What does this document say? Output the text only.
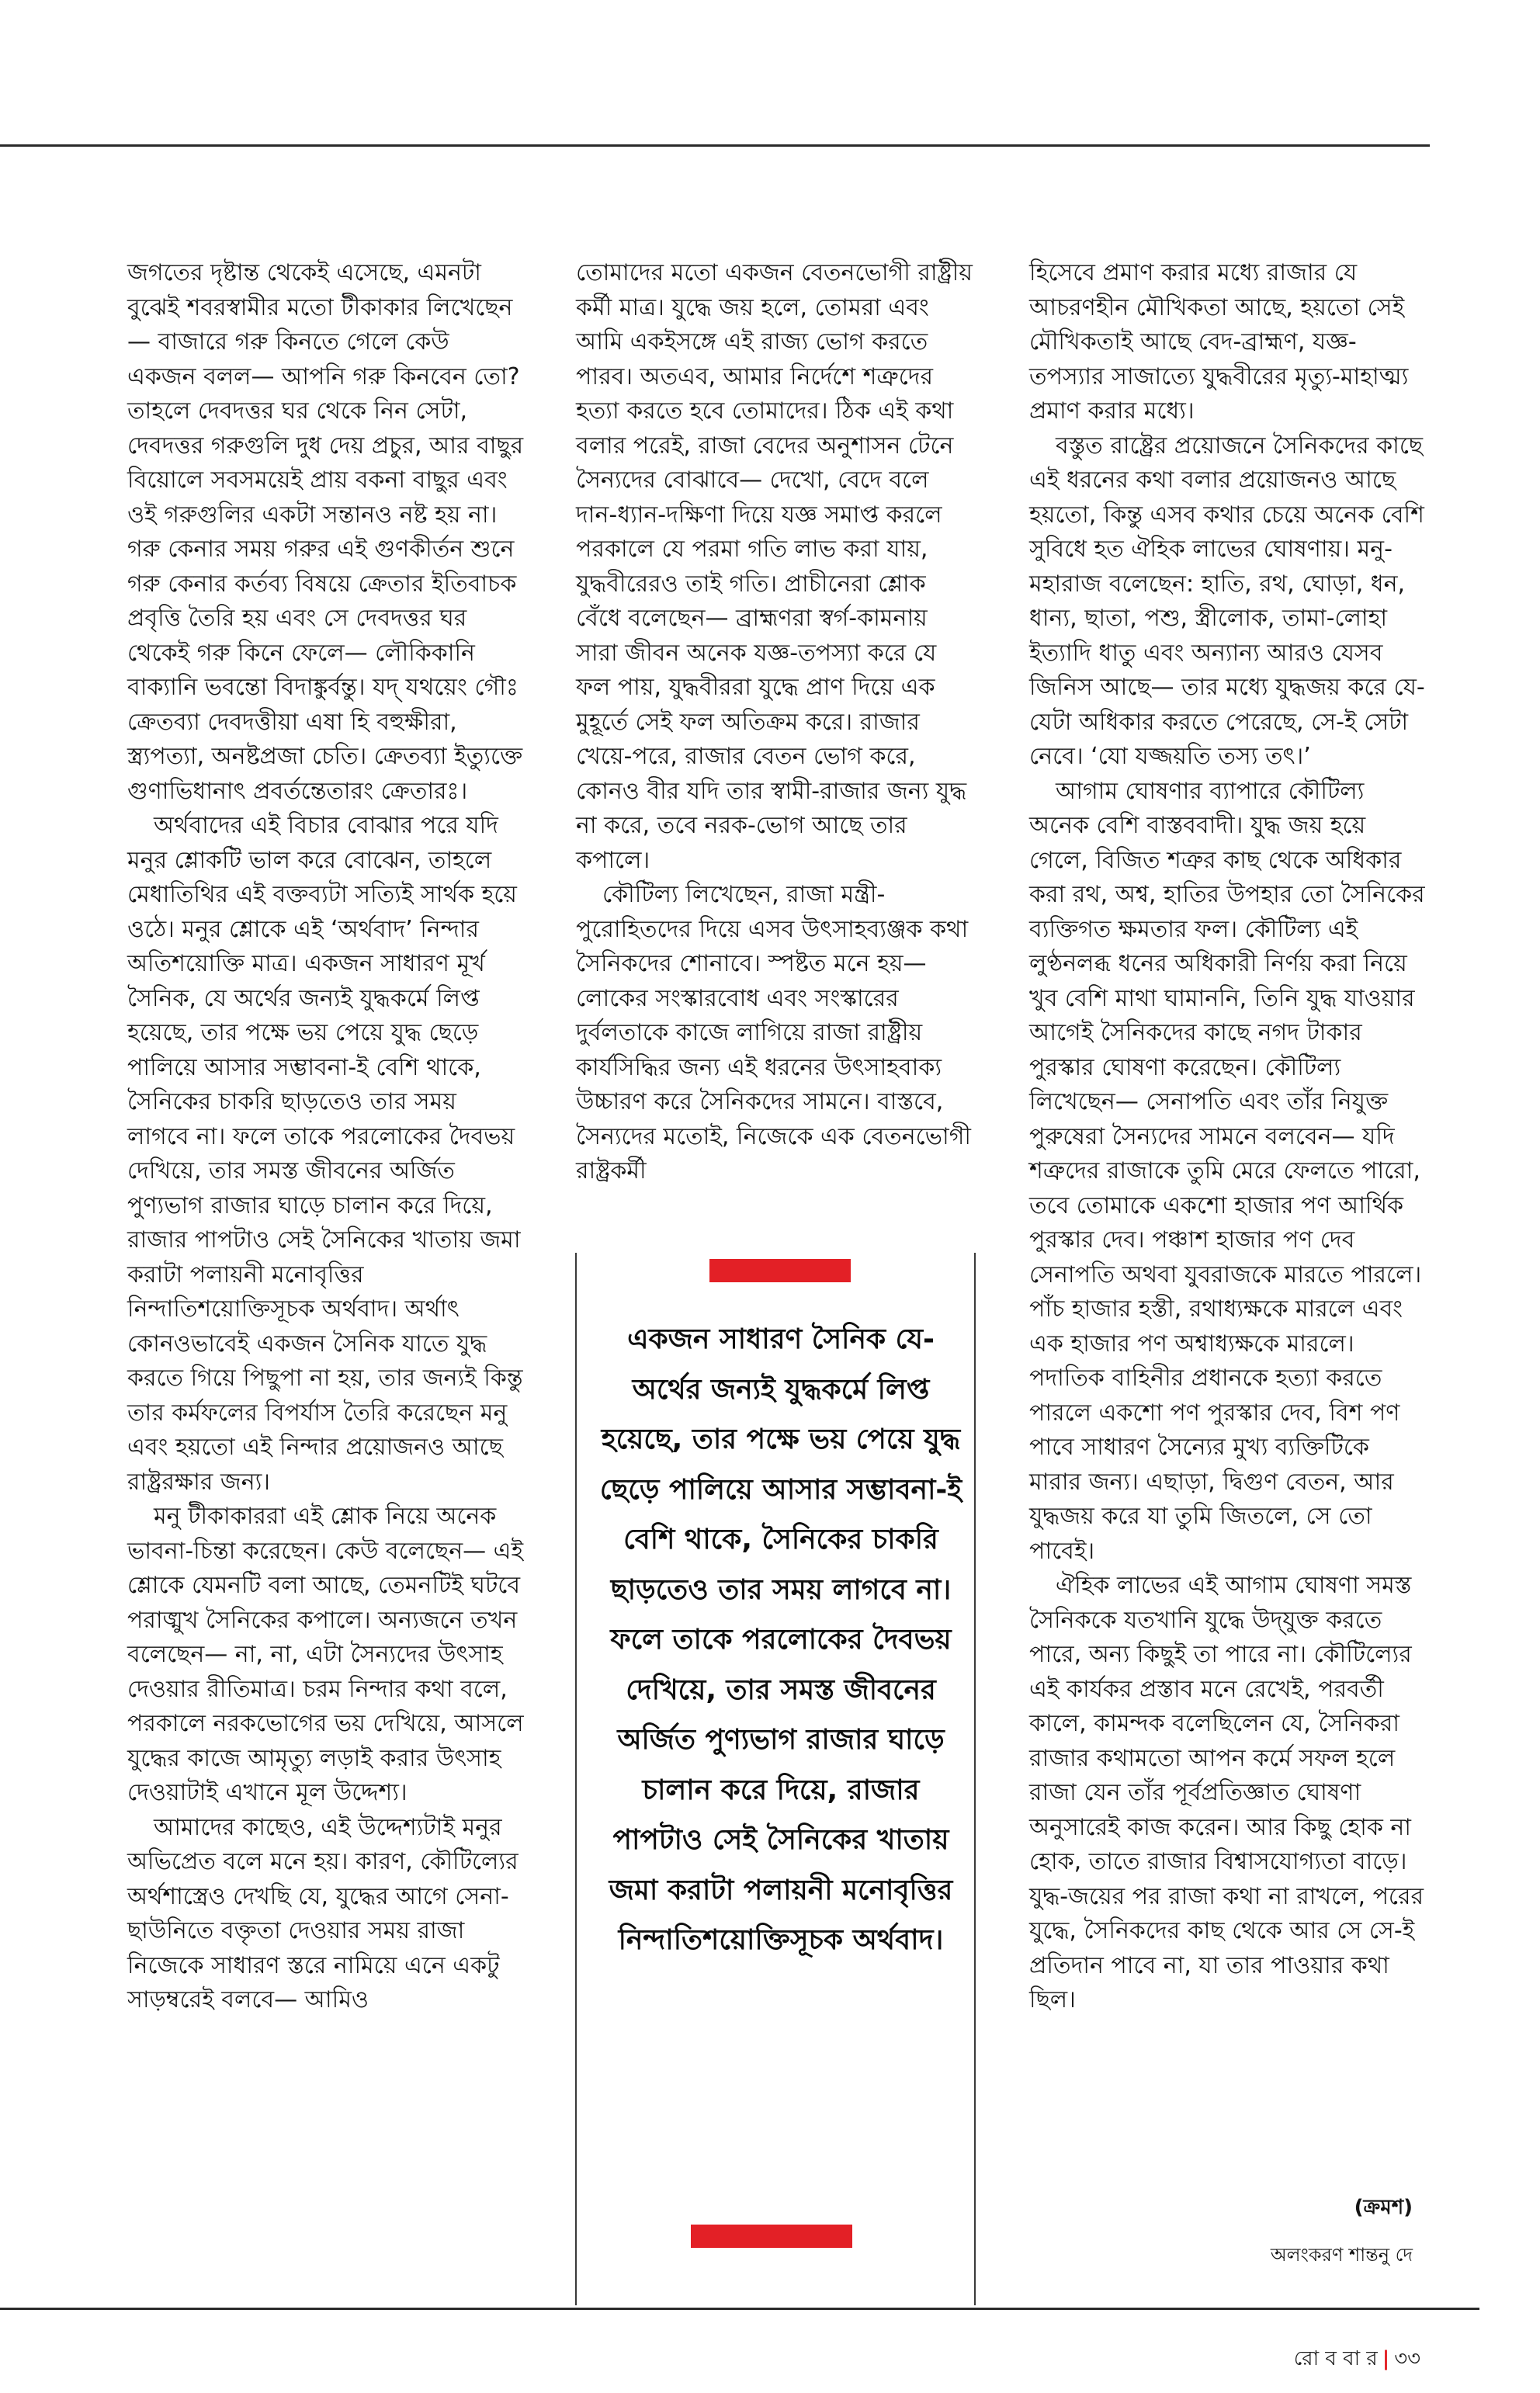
জগতের দৃষ্টান্ত থেকেই এসেছে, এমনটা বুঝেই শবরস্বামীর মতো টীকাকার লিখেছেন— বাজারে গরু কিনতে গেলে কেউ একজন বলল— আপনি গরু কিনবেন তো? তাহলে দেবদত্তর ঘর থেকে নিন সেটা, দেবদত্তর গরুগুলি দুধ দেয় প্রচুর, আর বাছুর বিয়োলে সবসময়েই প্রায় বকনা বাছুর এবং ওই গরুগুলির একটা সন্তানও নষ্ট হয় না। গরু কেনার সময় গরুর এই গুণকীর্তন শুনে গরু কেনার কর্তব্য বিষয়ে ক্রেতার ইতিবাচক প্রবৃত্তি তৈরি হয় এবং সে দেবদত্তর ঘর থেকেই গরু কিনে ফেলে— লৌকিকানি বাক্যানি ভবন্তো বিদাঙ্কুর্বন্তু। যদ্ যথয়েং গৌঃ ক্রেতব্যা দেবদত্তীয়া এষা হি বহুক্ষীরা, স্ত্র্যপত্যা, অনষ্টপ্রজা চেতি। ক্রেতব্যা ইত্যুক্তে গুণাভিধানাৎ প্রবর্তন্তেতারং ক্রেতারঃ।

অর্থবাদের এই বিচার বোঝার পরে যদি মনুর শ্লোকটি ভাল করে বোঝেন, তাহলে মেধাতিথির এই বক্তব্যটা সত্যিই সার্থক হয়ে ওঠে। মনুর শ্লোকে এই ‘অর্থবাদ’ নিন্দার অতিশয়োক্তি মাত্র। একজন সাধারণ মূর্খ সৈনিক, যে অর্থের জন্যই যুদ্ধকর্মে লিপ্ত হয়েছে, তার পক্ষে ভয় পেয়ে যুদ্ধ ছেড়ে পালিয়ে আসার সম্ভাবনা-ই বেশি থাকে, সৈনিকের চাকরি ছাড়তেও তার সময় লাগবে না। ফলে তাকে পরলোকের দৈবভয় দেখিয়ে, তার সমস্ত জীবনের অর্জিত পুণ্যভাগ রাজার ঘাড়ে চালান করে দিয়ে, রাজার পাপটাও সেই সৈনিকের খাতায় জমা করাটা পলায়নী মনোবৃত্তির নিন্দাতিশয়োক্তিসূচক অর্থবাদ। অর্থাৎ কোনওভাবেই একজন সৈনিক যাতে যুদ্ধ করতে গিয়ে পিছুপা না হয়, তার জন্যই কিন্তু তার কর্মফলের বিপর্যাস তৈরি করেছেন মনু এবং হয়তো এই নিন্দার প্রয়োজনও আছে রাষ্ট্ররক্ষার জন্য।

মনু টীকাকাররা এই শ্লোক নিয়ে অনেক ভাবনা-চিন্তা করেছেন। কেউ বলেছেন— এই শ্লোকে যেমনটি বলা আছে, তেমনটিই ঘটবে পরাঙ্মুখ সৈনিকের কপালে। অন্যজনে তখন বলেছেন— না, না, এটা সৈন্যদের উৎসাহ দেওয়ার রীতিমাত্র। চরম নিন্দার কথা বলে, পরকালে নরকভোগের ভয় দেখিয়ে, আসলে যুদ্ধের কাজে আমৃত্যু লড়াই করার উৎসাহ দেওয়াটাই এখানে মূল উদ্দেশ্য।

আমাদের কাছেও, এই উদ্দেশ্যটাই মনুর অভিপ্রেত বলে মনে হয়। কারণ, কৌটিল্যের অর্থশাস্ত্রেও দেখছি যে, যুদ্ধের আগে সেনা-ছাউনিতে বক্তৃতা দেওয়ার সময় রাজা নিজেকে সাধারণ স্তরে নামিয়ে এনে একটু সাড়ম্বরেই বলবে— আমিও

তোমাদের মতো একজন বেতনভোগী রাষ্ট্রীয় কর্মী মাত্র। যুদ্ধে জয় হলে, তোমরা এবং আমি একইসঙ্গে এই রাজ্য ভোগ করতে পারব। অতএব, আমার নির্দেশে শত্রুদের হত্যা করতে হবে তোমাদের। ঠিক এই কথা বলার পরেই, রাজা বেদের অনুশাসন টেনে সৈন্যদের বোঝাবে— দেখো, বেদে বলে দান-ধ্যান-দক্ষিণা দিয়ে যজ্ঞ সমাপ্ত করলে পরকালে যে পরমা গতি লাভ করা যায়, যুদ্ধবীরেরও তাই গতি। প্রাচীনেরা শ্লোক বেঁধে বলেছেন— ব্রাহ্মণরা স্বর্গ-কামনায় সারা জীবন অনেক যজ্ঞ-তপস্যা করে যে ফল পায়, যুদ্ধবীররা যুদ্ধে প্রাণ দিয়ে এক মুহূর্তে সেই ফল অতিক্রম করে। রাজার খেয়ে-পরে, রাজার বেতন ভোগ করে, কোনও বীর যদি তার স্বামী-রাজার জন্য যুদ্ধ না করে, তবে নরক-ভোগ আছে তার কপালে।

কৌটিল্য লিখেছেন, রাজা মন্ত্রী-পুরোহিতদের দিয়ে এসব উৎসাহব্যঞ্জক কথা সৈনিকদের শোনাবে। স্পষ্টত মনে হয়— লোকের সংস্কারবোধ এবং সংস্কারের দুর্বলতাকে কাজে লাগিয়ে রাজা রাষ্ট্রীয় কার্যসিদ্ধির জন্য এই ধরনের উৎসাহবাক্য উচ্চারণ করে সৈনিকদের সামনে। বাস্তবে, সৈন্যদের মতোই, নিজেকে এক বেতনভোগী রাষ্ট্রকর্মী

হিসেবে প্রমাণ করার মধ্যে রাজার যে আচরণহীন মৌখিকতা আছে, হয়তো সেই মৌখিকতাই আছে বেদ-ব্রাহ্মণ, যজ্ঞ-তপস্যার সাজাত্যে যুদ্ধবীরের মৃত্যু-মাহাত্ম্য প্রমাণ করার মধ্যে।

বস্তুত রাষ্ট্রের প্রয়োজনে সৈনিকদের কাছে এই ধরনের কথা বলার প্রয়োজনও আছে হয়তো, কিন্তু এসব কথার চেয়ে অনেক বেশি সুবিধে হত ঐহিক লাভের ঘোষণায়। মনু-মহারাজ বলেছেন: হাতি, রথ, ঘোড়া, ধন, ধান্য, ছাতা, পশু, স্ত্রীলোক, তামা-লোহা ইত্যাদি ধাতু এবং অন্যান্য আরও যেসব জিনিস আছে— তার মধ্যে যুদ্ধজয় করে যে-যেটা অধিকার করতে পেরেছে, সে-ই সেটা নেবে। ‘যো যজ্জয়তি তস্য তৎ।’

আগাম ঘোষণার ব্যাপারে কৌটিল্য অনেক বেশি বাস্তববাদী। যুদ্ধ জয় হয়ে গেলে, বিজিত শত্রুর কাছ থেকে অধিকার করা রথ, অশ্ব, হাতির উপহার তো সৈনিকের ব্যক্তিগত ক্ষমতার ফল। কৌটিল্য এই লুণ্ঠনলব্ধ ধনের অধিকারী নির্ণয় করা নিয়ে খুব বেশি মাথা ঘামাননি, তিনি যুদ্ধ যাওয়ার আগেই সৈনিকদের কাছে নগদ টাকার পুরস্কার ঘোষণা করেছেন। কৌটিল্য লিখেছেন— সেনাপতি এবং তাঁর নিযুক্ত পুরুষেরা সৈন্যদের সামনে বলবেন— যদি শত্রুদের রাজাকে তুমি মেরে ফেলতে পারো, তবে তোমাকে একশো হাজার পণ আর্থিক পুরস্কার দেব। পঞ্চাশ হাজার পণ দেব সেনাপতি অথবা যুবরাজকে মারতে পারলে। পাঁচ হাজার হস্তী, রথাধ্যক্ষকে মারলে এবং এক হাজার পণ অশ্বাধ্যক্ষকে মারলে। পদাতিক বাহিনীর প্রধানকে হত্যা করতে পারলে একশো পণ পুরস্কার দেব, বিশ পণ পাবে সাধারণ সৈন্যের মুখ্য ব্যক্তিটিকে মারার জন্য। এছাড়া, দ্বিগুণ বেতন, আর যুদ্ধজয় করে যা তুমি জিতলে, সে তো পাবেই।

ঐহিক লাভের এই আগাম ঘোষণা সমস্ত সৈনিককে যতখানি যুদ্ধে উদ্‌যুক্ত করতে পারে, অন্য কিছুই তা পারে না। কৌটিল্যের এই কার্যকর প্রস্তাব মনে রেখেই, পরবর্তী কালে, কামন্দক বলেছিলেন যে, সৈনিকরা রাজার কথামতো আপন কর্মে সফল হলে রাজা যেন তাঁর পূর্বপ্রতিজ্ঞাত ঘোষণা অনুসারেই কাজ করেন। আর কিছু হোক না হোক, তাতে রাজার বিশ্বাসযোগ্যতা বাড়ে। যুদ্ধ-জয়ের পর রাজা কথা না রাখলে, পরের যুদ্ধে, সৈনিকদের কাছ থেকে আর সে সে-ই প্রতিদান পাবে না, যা তার পাওয়ার কথা ছিল।

একজন সাধারণ সৈনিক যে-অর্থের জন্যই যুদ্ধকর্মে লিপ্ত হয়েছে, তার পক্ষে ভয় পেয়ে যুদ্ধ ছেড়ে পালিয়ে আসার সম্ভাবনা-ই বেশি থাকে, সৈনিকের চাকরি ছাড়তেও তার সময় লাগবে না। ফলে তাকে পরলোকের দৈবভয় দেখিয়ে, তার সমস্ত জীবনের অর্জিত পুণ্যভাগ রাজার ঘাড়ে চালান করে দিয়ে, রাজার পাপটাও সেই সৈনিকের খাতায় জমা করাটা পলায়নী মনোবৃত্তির নিন্দাতিশয়োক্তিসূচক অর্থবাদ।
(ক্রমশ)
অলংকরণ শান্তনু দে
রো ব বা র | ৩৩
